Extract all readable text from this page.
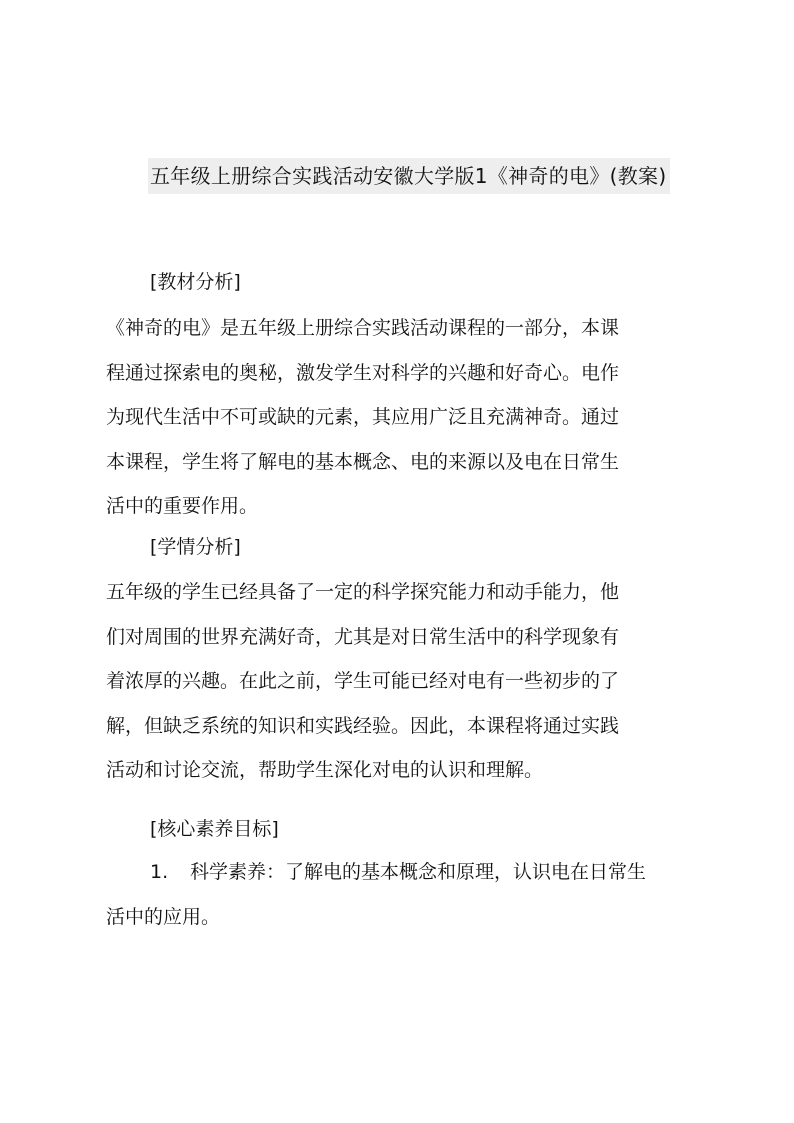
五年级上册综合实践活动安徽大学版1《神奇的电》(教案)
[教材分析]
《神奇的电》是五年级上册综合实践活动课程的一部分，本课
程通过探索电的奥秘，激发学生对科学的兴趣和好奇心。电作
为现代生活中不可或缺的元素，其应用广泛且充满神奇。通过
本课程，学生将了解电的基本概念、电的来源以及电在日常生
活中的重要作用。
[学情分析]
五年级的学生已经具备了一定的科学探究能力和动手能力，他
们对周围的世界充满好奇，尤其是对日常生活中的科学现象有
着浓厚的兴趣。在此之前，学生可能已经对电有一些初步的了
解，但缺乏系统的知识和实践经验。因此，本课程将通过实践
活动和讨论交流，帮助学生深化对电的认识和理解。
[核心素养目标]
1. 科学素养：了解电的基本概念和原理，认识电在日常生
活中的应用。
